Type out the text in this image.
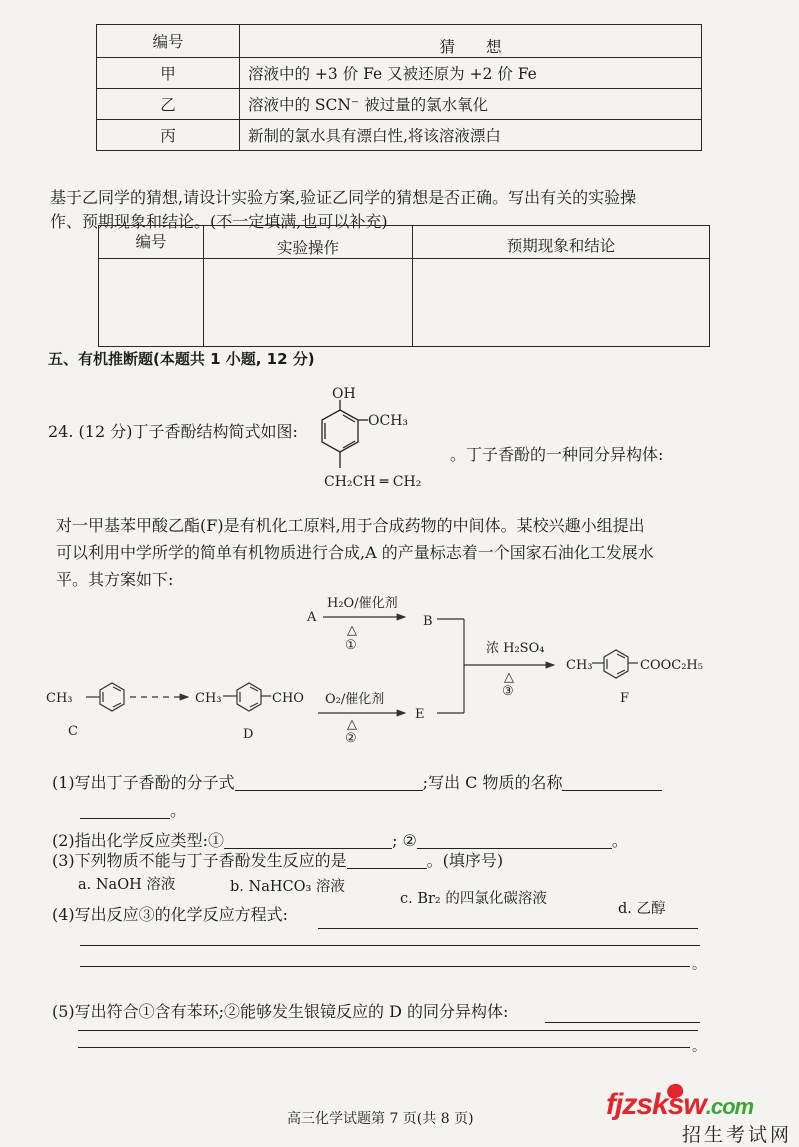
编号	猜　　想
甲	溶液中的 +3 价 Fe 又被还原为 +2 价 Fe
乙	溶液中的 SCN⁻ 被过量的氯水氧化
丙	新制的氯水具有漂白性,将该溶液漂白
基于乙同学的猜想,请设计实验方案,验证乙同学的猜想是否正确。写出有关的实验操
作、预期现象和结论。(不一定填满,也可以补充)
编号	实验操作	预期现象和结论

五、有机推断题(本题共 1 小题, 12 分)
24. (12 分)丁子香酚结构简式如图:
OH
OCH₃
CH₂CH ═ CH₂
。丁子香酚的一种同分异构体:
对一甲基苯甲酸乙酯(F)是有机化工原料,用于合成药物的中间体。某校兴趣小组提出
可以利用中学所学的简单有机物质进行合成,A 的产量标志着一个国家石油化工发展水
平。其方案如下:
A
H₂O/催化剂
△
①
B
CH₃
C
CH₃	CHO
D
O₂/催化剂
△
②
E
浓 H₂SO₄
△
③
CH₃	COOC₂H₅
F
(1)写出丁子香酚的分子式	;写出 C 物质的名称
。
(2)指出化学反应类型:①	; ②	。
(3)下列物质不能与丁子香酚发生反应的是	。(填序号)
a. NaOH 溶液	b. NaHCO₃ 溶液
c. Br₂ 的四氯化碳溶液
d. 乙醇
(4)写出反应③的化学反应方程式:
。
(5)写出符合①含有苯环;②能够发生银镜反应的 D 的同分异构体:
。
高三化学试题第 7 页(共 8 页)	fjzsksw.com
招生考试网
